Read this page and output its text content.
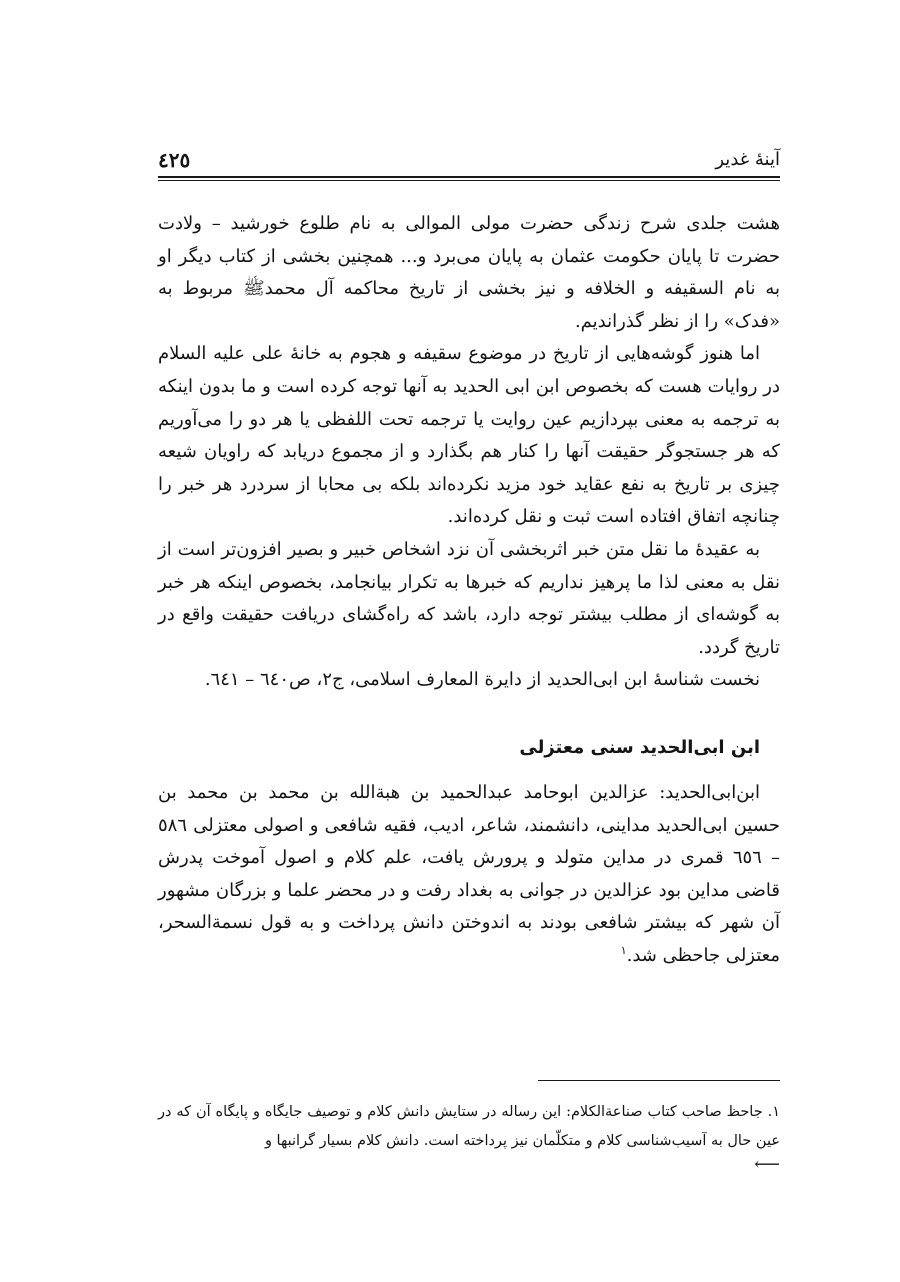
آینهٔ غدیر
٤٢٥

هشت جلدی شرح زندگی حضرت مولی الموالی به نام طلوع خورشید – ولادت حضرت تا پایان حکومت عثمان به پایان می‌برد و... همچنین بخشی از کتاب دیگر او به نام السقیفه و الخلافه و نیز بخشی از تاریخ محاکمه آل محمدﷺ مربوط به «فدک» را از نظر گذراندیم.

اما هنوز گوشه‌هایی از تاریخ در موضوع سقیفه و هجوم به خانهٔ علی علیه السلام در روایات هست که بخصوص ابن ابی الحدید به آنها توجه کرده است و ما بدون اینکه به ترجمه به معنی بپردازیم عین روایت یا ترجمه تحت اللفظی یا هر دو را می‌آوریم که هر جستجوگر حقیقت آنها را کنار هم بگذارد و از مجموع دریابد که راویان شیعه چیزی بر تاریخ به نفع عقاید خود مزید نکرده‌اند بلکه بی محابا از سردرد هر خبر را چنانچه اتفاق افتاده است ثبت و نقل کرده‌اند.

به عقیدهٔ ما نقل متن خبر اثربخشی آن نزد اشخاص خبیر و بصیر افزون‌تر است از نقل به معنی لذا ما پرهیز نداریم که خبرها به تکرار بیانجامد، بخصوص اینکه هر خبر به گوشه‌ای از مطلب بیشتر توجه دارد، باشد که راه‌گشای دریافت حقیقت واقع در تاریخ گردد.

نخست شناسهٔ ابن ابی‌الحدید از دایرة المعارف اسلامی، ج۲، ص٦٤٠ – ٦٤١.

ابن ابی‌الحدید سنی معتزلی

ابن‌ابی‌الحدید: عزالدین ابوحامد عبدالحمید بن هبةالله بن محمد بن محمد بن حسین ابی‌الحدید مداینی، دانشمند، شاعر، ادیب، فقیه شافعی و اصولی معتزلی ٥٨٦ – ٦٥٦ قمری در مداین متولد و پرورش یافت، علم کلام و اصول آموخت پدرش قاضی مداین بود عزالدین در جوانی به بغداد رفت و در محضر علما و بزرگان مشهور آن شهر که بیشتر شافعی بودند به اندوختن دانش پرداخت و به قول نسمةالسحر، معتزلی جاحظی شد.$^١$

١. جاحظ صاحب کتاب صناعةالکلام: این رساله در ستایش دانش کلام و توصیف جایگاه و پایگاه آن که در عین حال به آسیب‌شناسی کلام و متکلّمان نیز پرداخته است. دانش کلام بسیار گرانبها و
⟵
